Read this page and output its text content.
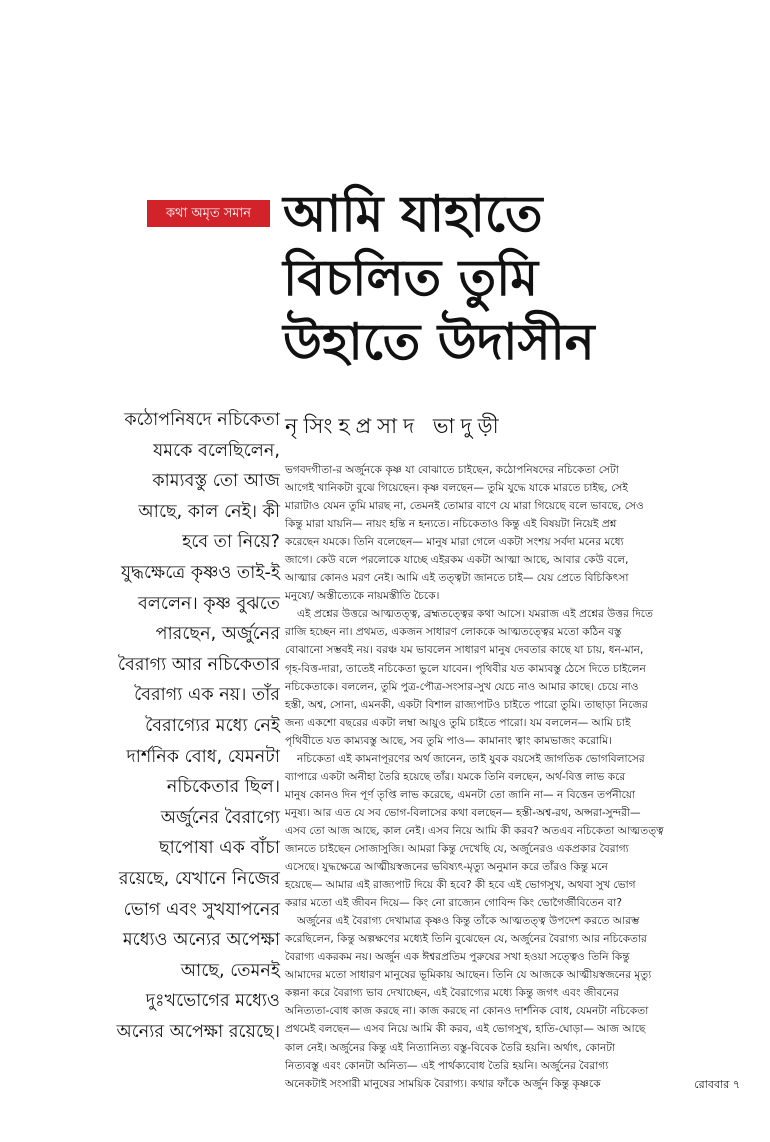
কথা অমৃত সমান আমি যাহাতে
বিচলিত তুমি
উহাতে উদাসীন
নৃসিংহপ্রসাদ ভাদুড়ী
কঠোপনিষদে নচিকেতা
যমকে বলেছিলেন,
কাম্যবস্তু তো আজ
আছে, কাল নেই। কী
হবে তা নিয়ে?
যুদ্ধক্ষেত্রে কৃষ্ণও তাই-ই
বললেন। কৃষ্ণ বুঝতে
পারছেন, অর্জুনের
বৈরাগ্য আর নচিকেতার
বৈরাগ্য এক নয়। তাঁর
বৈরাগ্যের মধ্যে নেই
দার্শনিক বোধ, যেমনটা
নচিকেতার ছিল।
অর্জুনের বৈরাগ্যে
ছাপোষা এক বাঁচা
রয়েছে, যেখানে নিজের
ভোগ এবং সুখযাপনের
মধ্যেও অন্যের অপেক্ষা
আছে, তেমনই
দুঃখভোগের মধ্যেও
অন্যের অপেক্ষা রয়েছে।
ভগবদগীতা-র অর্জুনকে কৃষ্ণ যা বোঝাতে চাইছেন, কঠোপনিষদের নচিকেতা সেটা
আগেই খানিকটা বুঝে গিয়েছেন। কৃষ্ণ বলছেন— তুমি যুদ্ধে যাকে মারতে চাইছ, সেই
মারাটাও যেমন তুমি মারছ না, তেমনই তোমার বাণে যে মারা গিয়েছে বলে ভাবছে, সেও
কিন্তু মারা যায়নি— নায়ং হন্তি ন হন্যতে। নচিকেতাও কিন্তু এই বিষয়টা নিয়েই প্রশ্ন
করেছেন যমকে। তিনি বলেছেন— মানুষ মারা গেলে একটা সংশয় সর্বদা মনের মধ্যে
জাগে। কেউ বলে পরলোকে যাচ্ছে এইরকম একটা আত্মা আছে, আবার কেউ বলে,
আত্মার কোনও মরণ নেই। আমি এই তত্ত্বটা জানতে চাই— যেয় প্রেতে বিচিকিৎসা
মনুষ্যে/ অস্তীত্যেকে নায়মস্তীতি চৈকে।
এই প্রশ্নের উত্তরে আত্মতত্ত্ব, ব্রহ্মতত্ত্বের কথা আসে। যমরাজ এই প্রশ্নের উত্তর দিতে
রাজি হচ্ছেন না। প্রথমত, একজন সাধারণ লোককে আত্মতত্ত্বের মতো কঠিন বস্তু
বোঝানো সম্ভবই নয়। বরঞ্চ যম ভাবলেন সাধারণ মানুষ দেবতার কাছে যা চায়, ধন-মান,
গৃহ-বিত্ত-দারা, তাতেই নচিকেতা ভুলে যাবেন। পৃথিবীর যত কাম্যবস্তু ঠেসে দিতে চাইলেন
নচিকেতাকে। বললেন, তুমি পুত্র-পৌত্র-সংসার-সুখ যেচে নাও আমার কাছে। চেয়ে নাও
হস্তী, অশ্ব, সোনা, এমনকী, একটা বিশাল রাজ্যপাটও চাইতে পারো তুমি। তাছাড়া নিজের
জন্য একশো বছরের একটা লম্বা আয়ুও তুমি চাইতে পারো। যম বললেন— আমি চাই
পৃথিবীতে যত কাম্যবস্তু আছে, সব তুমি পাও— কামানাং ত্বাং কামভাজং করোমি।
নচিকেতা এই কামনাপূরণের অর্থ জানেন, তাই যুবক বয়সেই জাগতিক ভোগবিলাসের
ব্যাপারে একটা অনীহা তৈরি হয়েছে তাঁর। যমকে তিনি বলছেন, অর্থ-বিত্ত লাভ করে
মানুষ কোনও দিন পূর্ণ তৃপ্তি লাভ করেছে, এমনটা তো জানি না— ন বিত্তেন তর্পনীয়ো
মনুষ্য। আর এত যে সব ভোগ-বিলাসের কথা বলছেন— হস্তী-অশ্ব-রথ, অপ্সরা-সুন্দরী—
এসব তো আজ আছে, কাল নেই। এসব নিয়ে আমি কী করব? অতএব নচিকেতা আত্মতত্ত্ব
জানতে চাইছেন সোজাসুজি। আমরা কিন্তু দেখেছি যে, অর্জুনেরও একপ্রকার বৈরাগ্য
এসেছে। যুদ্ধক্ষেত্রে আত্মীয়স্বজনের ভবিষ্যৎ-মৃত্যু অনুমান করে তাঁরও কিন্তু মনে
হয়েছে— আমার এই রাজ্যপাট দিয়ে কী হবে? কী হবে এই ভোগসুখ, অথবা সুখ ভোগ
করার মতো এই জীবন দিয়ে— কিং নো রাজ্যেন গোবিন্দ কিং ভোগৈর্জীবিতেন বা?
অর্জুনের এই বৈরাগ্য দেখামাত্র কৃষ্ণও কিন্তু তাঁকে আত্মতত্ত্ব উপদেশ করতে আরম্ভ
করেছিলেন, কিন্তু অল্পক্ষণের মধ্যেই তিনি বুঝেছেন যে, অর্জুনের বৈরাগ্য আর নচিকেতার
বৈরাগ্য একরকম নয়। অর্জুন এক ঈশ্বরপ্রতিম পুরুষের সখা হওয়া সত্ত্বেও তিনি কিন্তু
আমাদের মতো সাধারণ মানুষের ভূমিকায় আছেন। তিনি যে আজকে আত্মীয়স্বজনের মৃত্যু
কল্পনা করে বৈরাগ্য ভাব দেখাচ্ছেন, এই বৈরাগ্যের মধ্যে কিন্তু জগৎ এবং জীবনের
অনিত্যতা-বোধ কাজ করছে না। কাজ করছে না কোনও দার্শনিক বোধ, যেমনটা নচিকেতা
প্রথমেই বলছেন— এসব নিয়ে আমি কী করব, এই ভোগসুখ, হাতি-ঘোড়া— আজ আছে
কাল নেই। অর্জুনের কিন্তু এই নিত্যানিত্য বস্তু-বিবেক তৈরি হয়নি। অর্থাৎ, কোনটা
নিত্যবস্তু এবং কোনটা অনিত্য— এই পার্থক্যবোধ তৈরি হয়নি। অর্জুনের বৈরাগ্য
অনেকটাই সংসারী মানুষের সাময়িক বৈরাগ্য। কথার ফাঁকে অর্জুন কিন্তু কৃষ্ণকে	রোববার ৭
